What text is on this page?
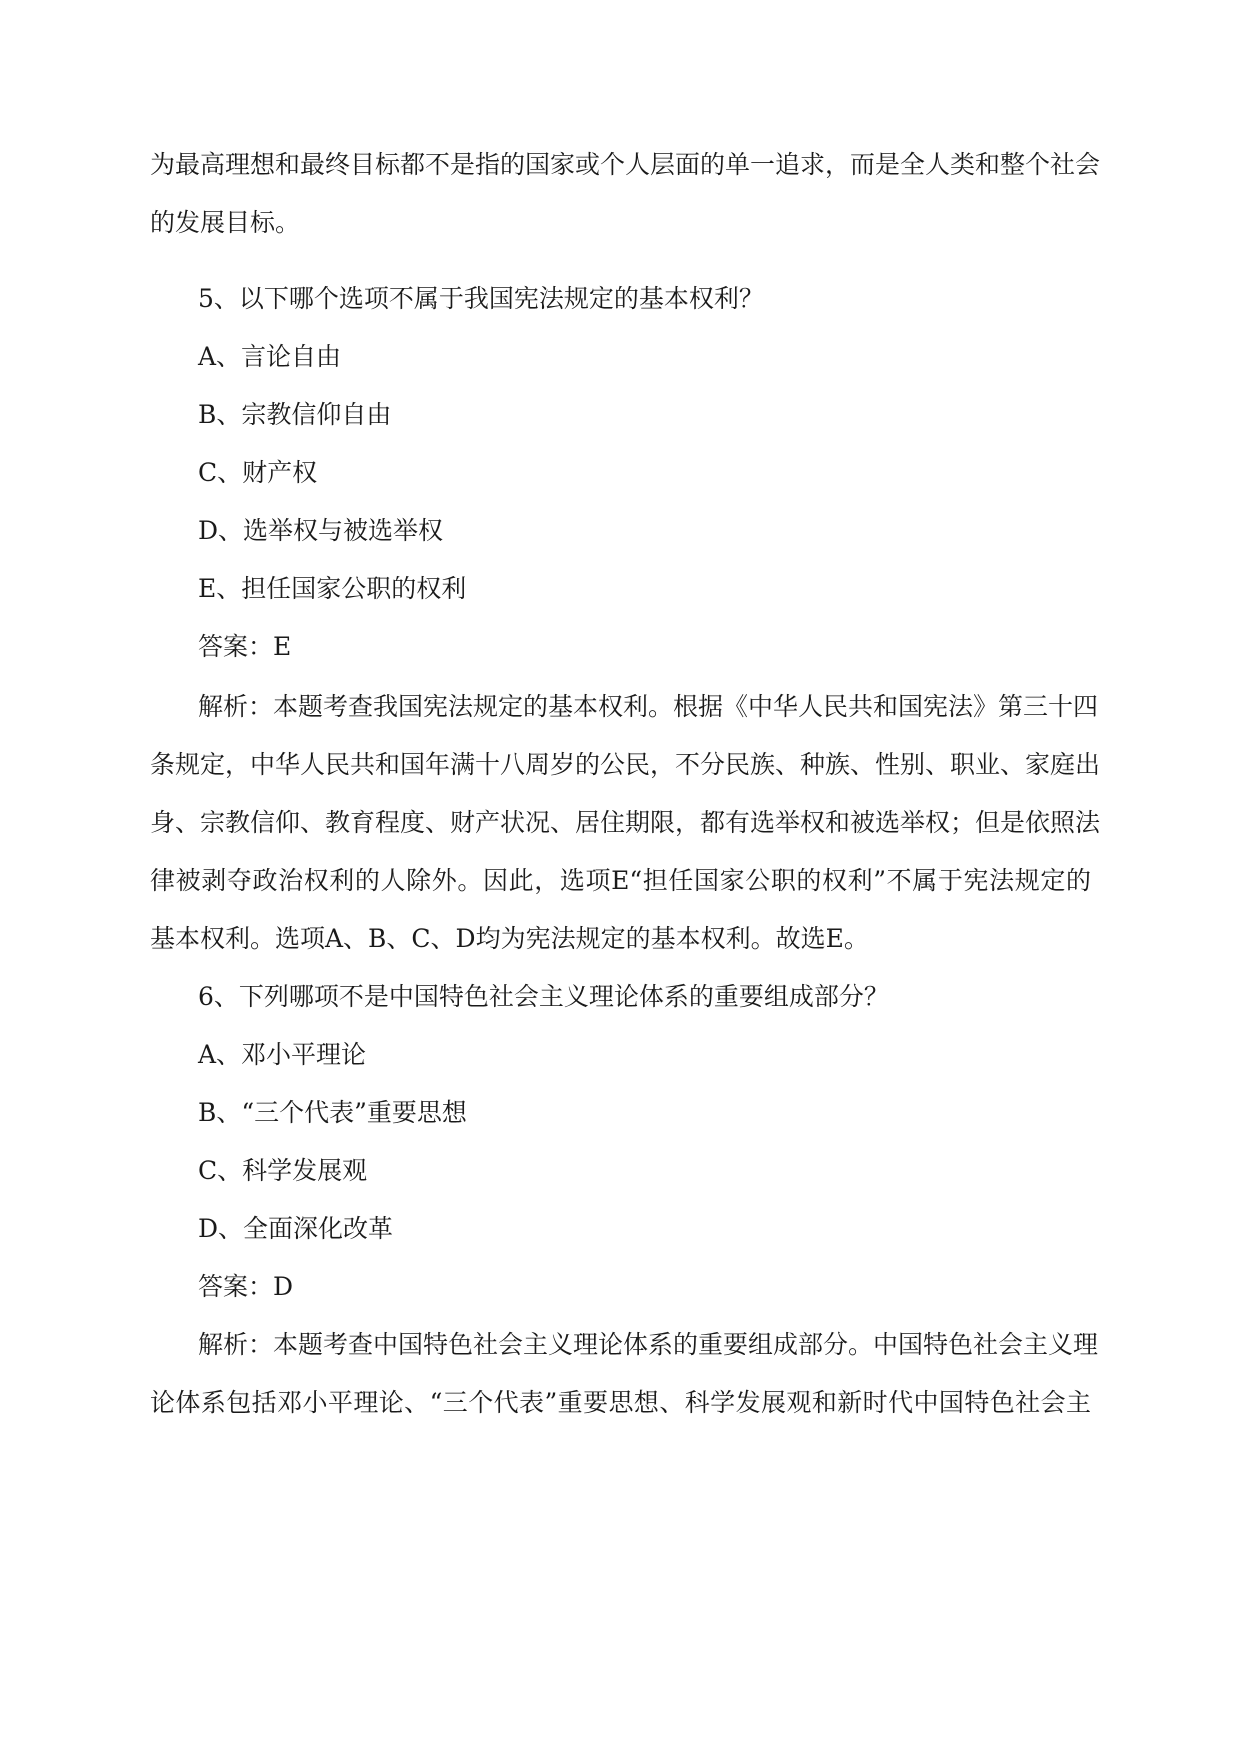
为最高理想和最终目标都不是指的国家或个人层面的单一追求，而是全人类和整个社会
的发展目标。
5、以下哪个选项不属于我国宪法规定的基本权利？
A、言论自由
B、宗教信仰自由
C、财产权
D、选举权与被选举权
E、担任国家公职的权利
答案：E
解析：本题考查我国宪法规定的基本权利。根据《中华人民共和国宪法》第三十四
条规定，中华人民共和国年满十八周岁的公民，不分民族、种族、性别、职业、家庭出
身、宗教信仰、教育程度、财产状况、居住期限，都有选举权和被选举权；但是依照法
律被剥夺政治权利的人除外。因此，选项E“担任国家公职的权利”不属于宪法规定的
基本权利。选项A、B、C、D均为宪法规定的基本权利。故选E。
6、下列哪项不是中国特色社会主义理论体系的重要组成部分？
A、邓小平理论
B、“三个代表”重要思想
C、科学发展观
D、全面深化改革
答案：D
解析：本题考查中国特色社会主义理论体系的重要组成部分。中国特色社会主义理
论体系包括邓小平理论、“三个代表”重要思想、科学发展观和新时代中国特色社会主
